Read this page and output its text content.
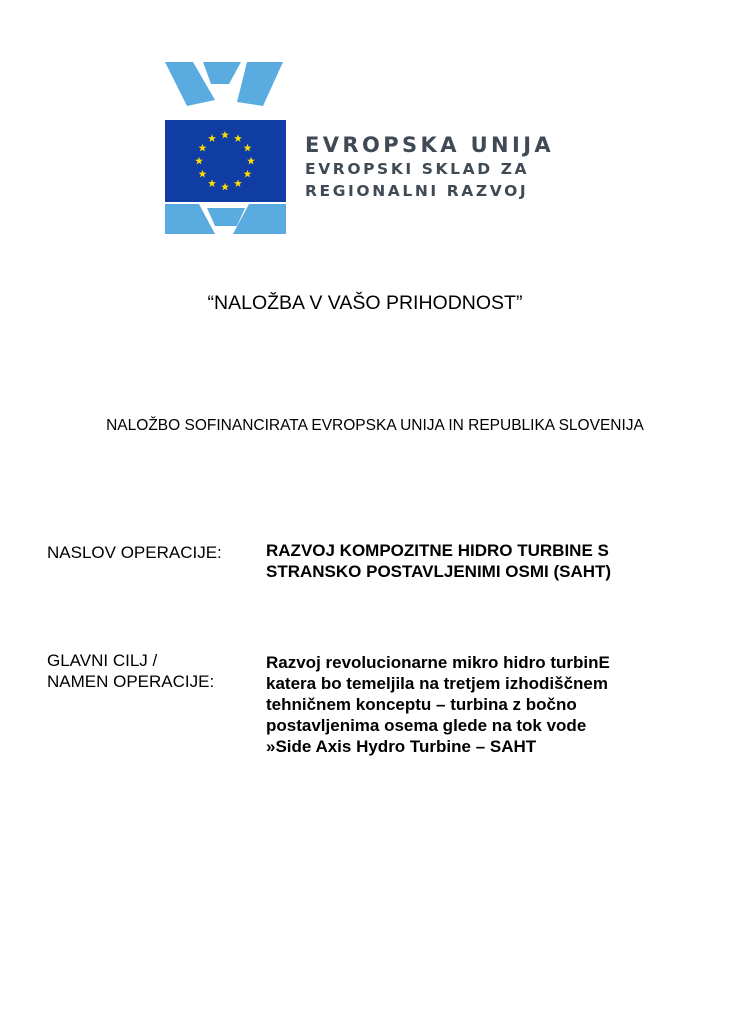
EVROPSKA UNIJA
EVROPSKI SKLAD ZA
REGIONALNI RAZVOJ
“NALOŽBA V VAŠO PRIHODNOST”
NALOŽBO SOFINANCIRATA EVROPSKA UNIJA IN REPUBLIKA SLOVENIJA
NASLOV OPERACIJE:	RAZVOJ KOMPOZITNE HIDRO TURBINE S
STRANSKO POSTAVLJENIMI OSMI (SAHT)
GLAVNI CILJ /
NAMEN OPERACIJE:
Razvoj revolucionarne mikro hidro turbinE
katera bo temeljila na tretjem izhodiščnem
tehničnem konceptu – turbina z bočno
postavljenima osema glede na tok vode
»Side Axis Hydro Turbine – SAHT
